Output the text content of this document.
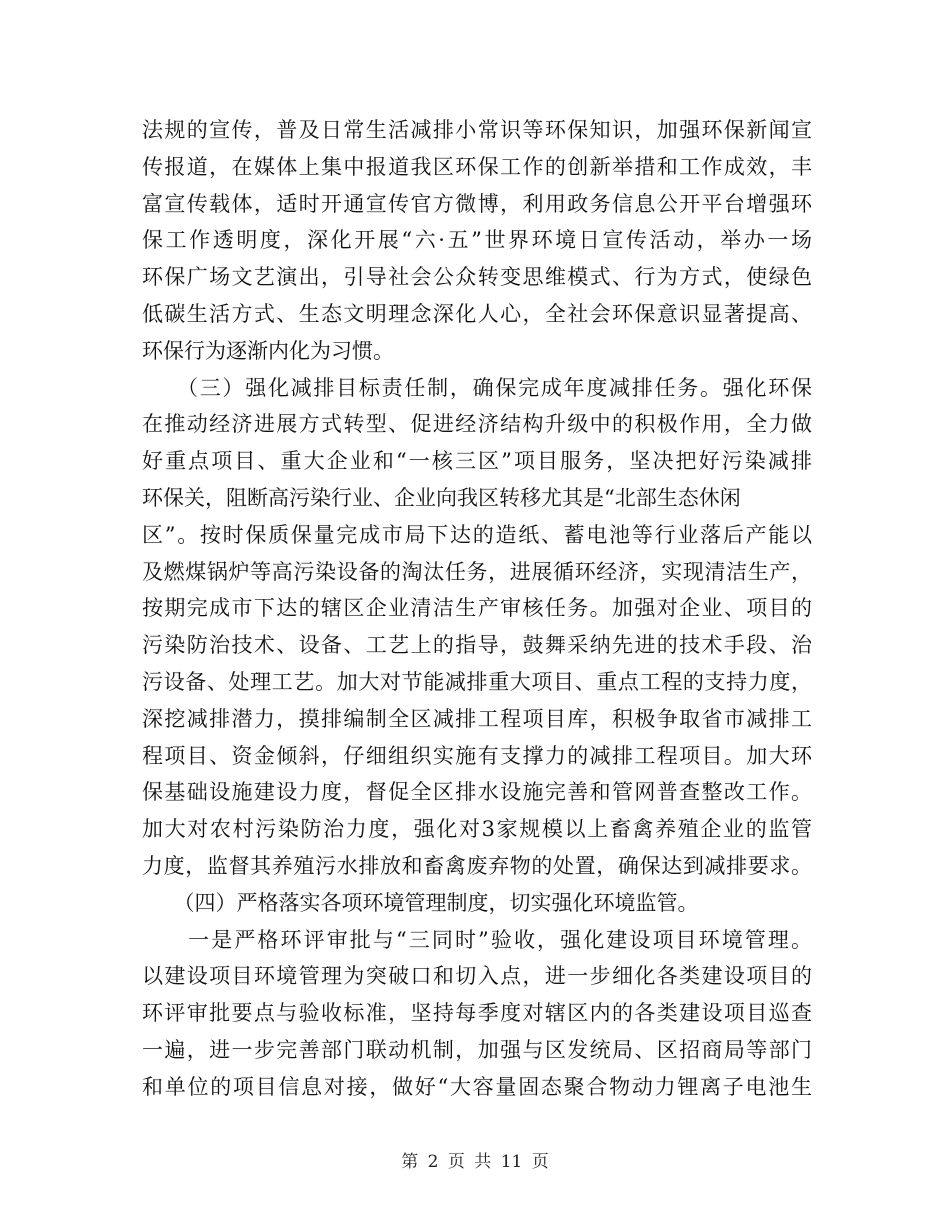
法规的宣传，普及日常生活减排小常识等环保知识，加强环保新闻宣
传报道，在媒体上集中报道我区环保工作的创新举措和工作成效，丰
富宣传载体，适时开通宣传官方微博，利用政务信息公开平台增强环
保工作透明度，深化开展“六·五”世界环境日宣传活动，举办一场
环保广场文艺演出，引导社会公众转变思维模式、行为方式，使绿色
低碳生活方式、生态文明理念深化人心，全社会环保意识显著提高、
环保行为逐渐内化为习惯。
　　（三）强化减排目标责任制，确保完成年度减排任务。强化环保
在推动经济进展方式转型、促进经济结构升级中的积极作用，全力做
好重点项目、重大企业和“一核三区”项目服务，坚决把好污染减排
环保关，阻断高污染行业、企业向我区转移尤其是“北部生态休闲
区”。按时保质保量完成市局下达的造纸、蓄电池等行业落后产能以
及燃煤锅炉等高污染设备的淘汰任务，进展循环经济，实现清洁生产，
按期完成市下达的辖区企业清洁生产审核任务。加强对企业、项目的
污染防治技术、设备、工艺上的指导，鼓舞采纳先进的技术手段、治
污设备、处理工艺。加大对节能减排重大项目、重点工程的支持力度，
深挖减排潜力，摸排编制全区减排工程项目库，积极争取省市减排工
程项目、资金倾斜，仔细组织实施有支撑力的减排工程项目。加大环
保基础设施建设力度，督促全区排水设施完善和管网普查整改工作。
加大对农村污染防治力度，强化对3家规模以上畜禽养殖企业的监管
力度，监督其养殖污水排放和畜禽废弃物的处置，确保达到减排要求。
　　（四）严格落实各项环境管理制度，切实强化环境监管。
　　一是严格环评审批与“三同时”验收，强化建设项目环境管理。
以建设项目环境管理为突破口和切入点，进一步细化各类建设项目的
环评审批要点与验收标准，坚持每季度对辖区内的各类建设项目巡查
一遍，进一步完善部门联动机制，加强与区发统局、区招商局等部门
和单位的项目信息对接，做好“大容量固态聚合物动力锂离子电池生
第 2 页 共 11 页
